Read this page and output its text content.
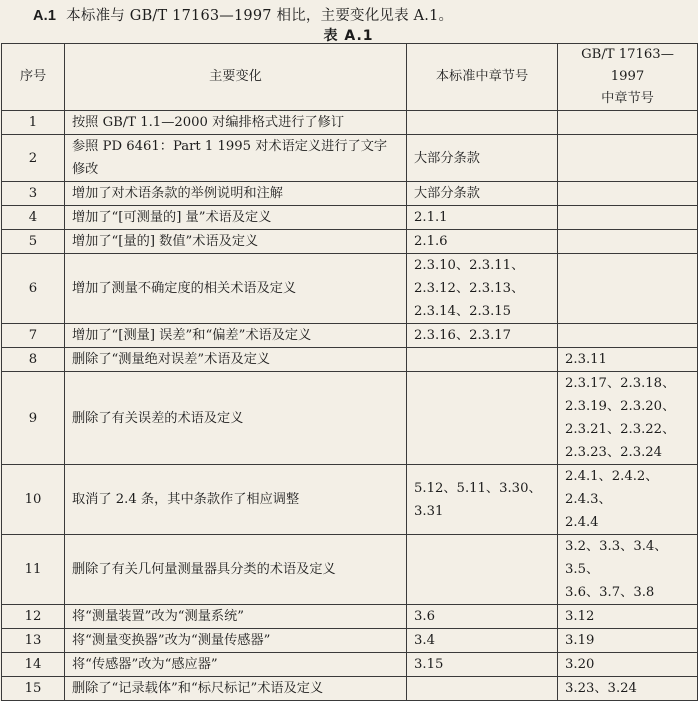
A.1 本标准与 GB/T 17163—1997 相比，主要变化见表 A.1。
表 A.1
序号	主要变化	本标准中章节号	GB/T 17163—1997
中章节号

1	按照 GB/T 1.1—2000 对编排格式进行了修订		
2	参照 PD 6461：Part 1 1995 对术语定义进行了文字修改	大部分条款	

3	增加了对术语条款的举例说明和注解	大部分条款	

4	增加了“[可测量的] 量”术语及定义	2.1.1	

5	增加了“[量的] 数值”术语及定义	2.1.6	

6	增加了测量不确定度的相关术语及定义	2.3.10、2.3.11、
2.3.12、2.3.13、
2.3.14、2.3.15	

7	增加了“[测量] 误差”和“偏差”术语及定义	2.3.16、2.3.17	

8	删除了“测量绝对误差”术语及定义		2.3.11

9	删除了有关误差的术语及定义		2.3.17、2.3.18、
2.3.19、2.3.20、
2.3.21、2.3.22、
2.3.23、2.3.24

10	取消了 2.4 条，其中条款作了相应调整	5.12、5.11、3.30、3.31	2.4.1、2.4.2、2.4.3、
2.4.4

11	删除了有关几何量测量器具分类的术语及定义		3.2、3.3、3.4、3.5、
3.6、3.7、3.8

12	将“测量装置”改为“测量系统”	3.6	3.12

13	将“测量变换器”改为“测量传感器”	3.4	3.19

14	将“传感器”改为“感应器”	3.15	3.20

15	删除了“记录载体”和“标尺标记”术语及定义		3.23、3.24
